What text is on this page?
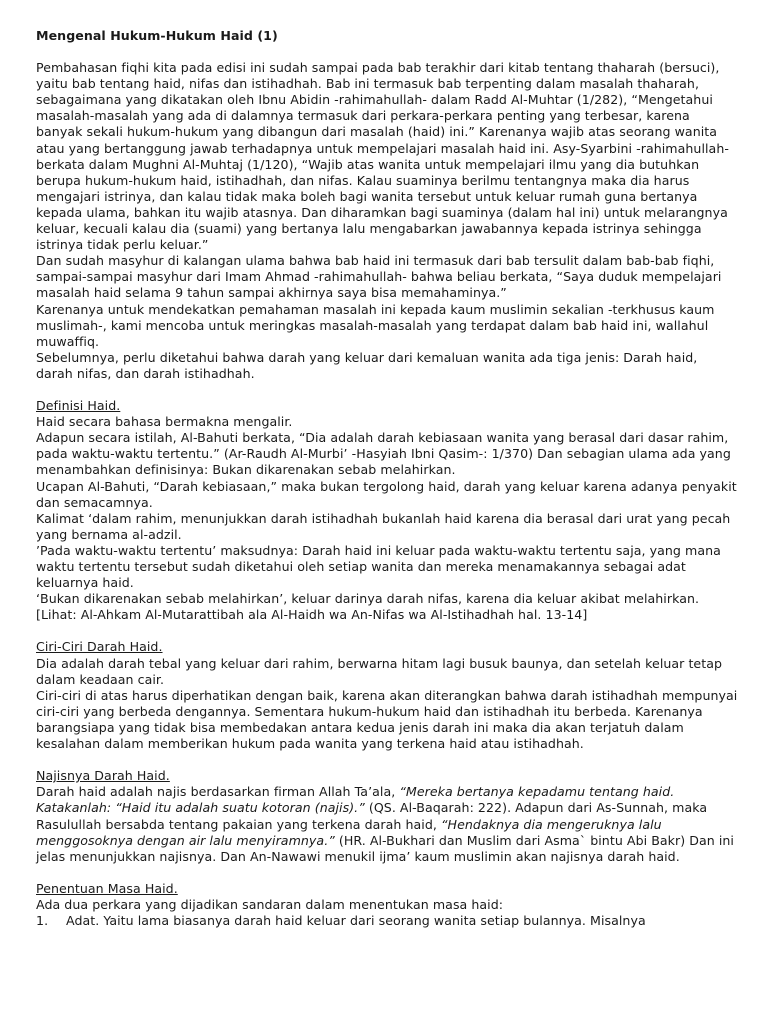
Mengenal Hukum-Hukum Haid (1)

Pembahasan fiqhi kita pada edisi ini sudah sampai pada bab terakhir dari kitab tentang thaharah (bersuci), yaitu bab tentang haid, nifas dan istihadhah. Bab ini termasuk bab terpenting dalam masalah thaharah, sebagaimana yang dikatakan oleh Ibnu Abidin -rahimahullah- dalam Radd Al-Muhtar (1/282), “Mengetahui masalah-masalah yang ada di dalamnya termasuk dari perkara-perkara penting yang terbesar, karena banyak sekali hukum-hukum yang dibangun dari masalah (haid) ini.” Karenanya wajib atas seorang wanita atau yang bertanggung jawab terhadapnya untuk mempelajari masalah haid ini. Asy-Syarbini -rahimahullah- berkata dalam Mughni Al-Muhtaj (1/120), “Wajib atas wanita untuk mempelajari ilmu yang dia butuhkan berupa hukum-hukum haid, istihadhah, dan nifas. Kalau suaminya berilmu tentangnya maka dia harus mengajari istrinya, dan kalau tidak maka boleh bagi wanita tersebut untuk keluar rumah guna bertanya kepada ulama, bahkan itu wajib atasnya. Dan diharamkan bagi suaminya (dalam hal ini) untuk melarangnya keluar, kecuali kalau dia (suami) yang bertanya lalu mengabarkan jawabannya kepada istrinya sehingga istrinya tidak perlu keluar.”

Dan sudah masyhur di kalangan ulama bahwa bab haid ini termasuk dari bab tersulit dalam bab-bab fiqhi, sampai-sampai masyhur dari Imam Ahmad -rahimahullah- bahwa beliau berkata, “Saya duduk mempelajari masalah haid selama 9 tahun sampai akhirnya saya bisa memahaminya.”

Karenanya untuk mendekatkan pemahaman masalah ini kepada kaum muslimin sekalian -terkhusus kaum muslimah-, kami mencoba untuk meringkas masalah-masalah yang terdapat dalam bab haid ini, wallahul muwaffiq.

Sebelumnya, perlu diketahui bahwa darah yang keluar dari kemaluan wanita ada tiga jenis: Darah haid, darah nifas, dan darah istihadhah.

Definisi Haid.

Haid secara bahasa bermakna mengalir.

Adapun secara istilah, Al-Bahuti berkata, “Dia adalah darah kebiasaan wanita yang berasal dari dasar rahim, pada waktu-waktu tertentu.” (Ar-Raudh Al-Murbi’ -Hasyiah Ibni Qasim-: 1/370) Dan sebagian ulama ada yang menambahkan definisinya: Bukan dikarenakan sebab melahirkan.

Ucapan Al-Bahuti, “Darah kebiasaan,” maka bukan tergolong haid, darah yang keluar karena adanya penyakit dan semacamnya.

Kalimat ‘dalam rahim, menunjukkan darah istihadhah bukanlah haid karena dia berasal dari urat yang pecah yang bernama al-adzil.

’Pada waktu-waktu tertentu’ maksudnya: Darah haid ini keluar pada waktu-waktu tertentu saja, yang mana waktu tertentu tersebut sudah diketahui oleh setiap wanita dan mereka menamakannya sebagai adat keluarnya haid.

‘Bukan dikarenakan sebab melahirkan’, keluar darinya darah nifas, karena dia keluar akibat melahirkan.

[Lihat: Al-Ahkam Al-Mutarattibah ala Al-Haidh wa An-Nifas wa Al-Istihadhah hal. 13-14]

Ciri-Ciri Darah Haid.

Dia adalah darah tebal yang keluar dari rahim, berwarna hitam lagi busuk baunya, dan setelah keluar tetap dalam keadaan cair.

Ciri-ciri di atas harus diperhatikan dengan baik, karena akan diterangkan bahwa darah istihadhah mempunyai ciri-ciri yang berbeda dengannya. Sementara hukum-hukum haid dan istihadhah itu berbeda. Karenanya barangsiapa yang tidak bisa membedakan antara kedua jenis darah ini maka dia akan terjatuh dalam kesalahan dalam memberikan hukum pada wanita yang terkena haid atau istihadhah.

Najisnya Darah Haid.

Darah haid adalah najis berdasarkan firman Allah Ta’ala, “Mereka bertanya kepadamu tentang haid. Katakanlah: “Haid itu adalah suatu kotoran (najis).” (QS. Al-Baqarah: 222). Adapun dari As-Sunnah, maka Rasulullah bersabda tentang pakaian yang terkena darah haid, “Hendaknya dia mengeruknya lalu menggosoknya dengan air lalu menyiramnya.” (HR. Al-Bukhari dan Muslim dari Asma` bintu Abi Bakr) Dan ini jelas menunjukkan najisnya. Dan An-Nawawi menukil ijma’ kaum muslimin akan najisnya darah haid.

Penentuan Masa Haid.

Ada dua perkara yang dijadikan sandaran dalam menentukan masa haid:

1.	Adat. Yaitu lama biasanya darah haid keluar dari seorang wanita setiap bulannya. Misalnya
